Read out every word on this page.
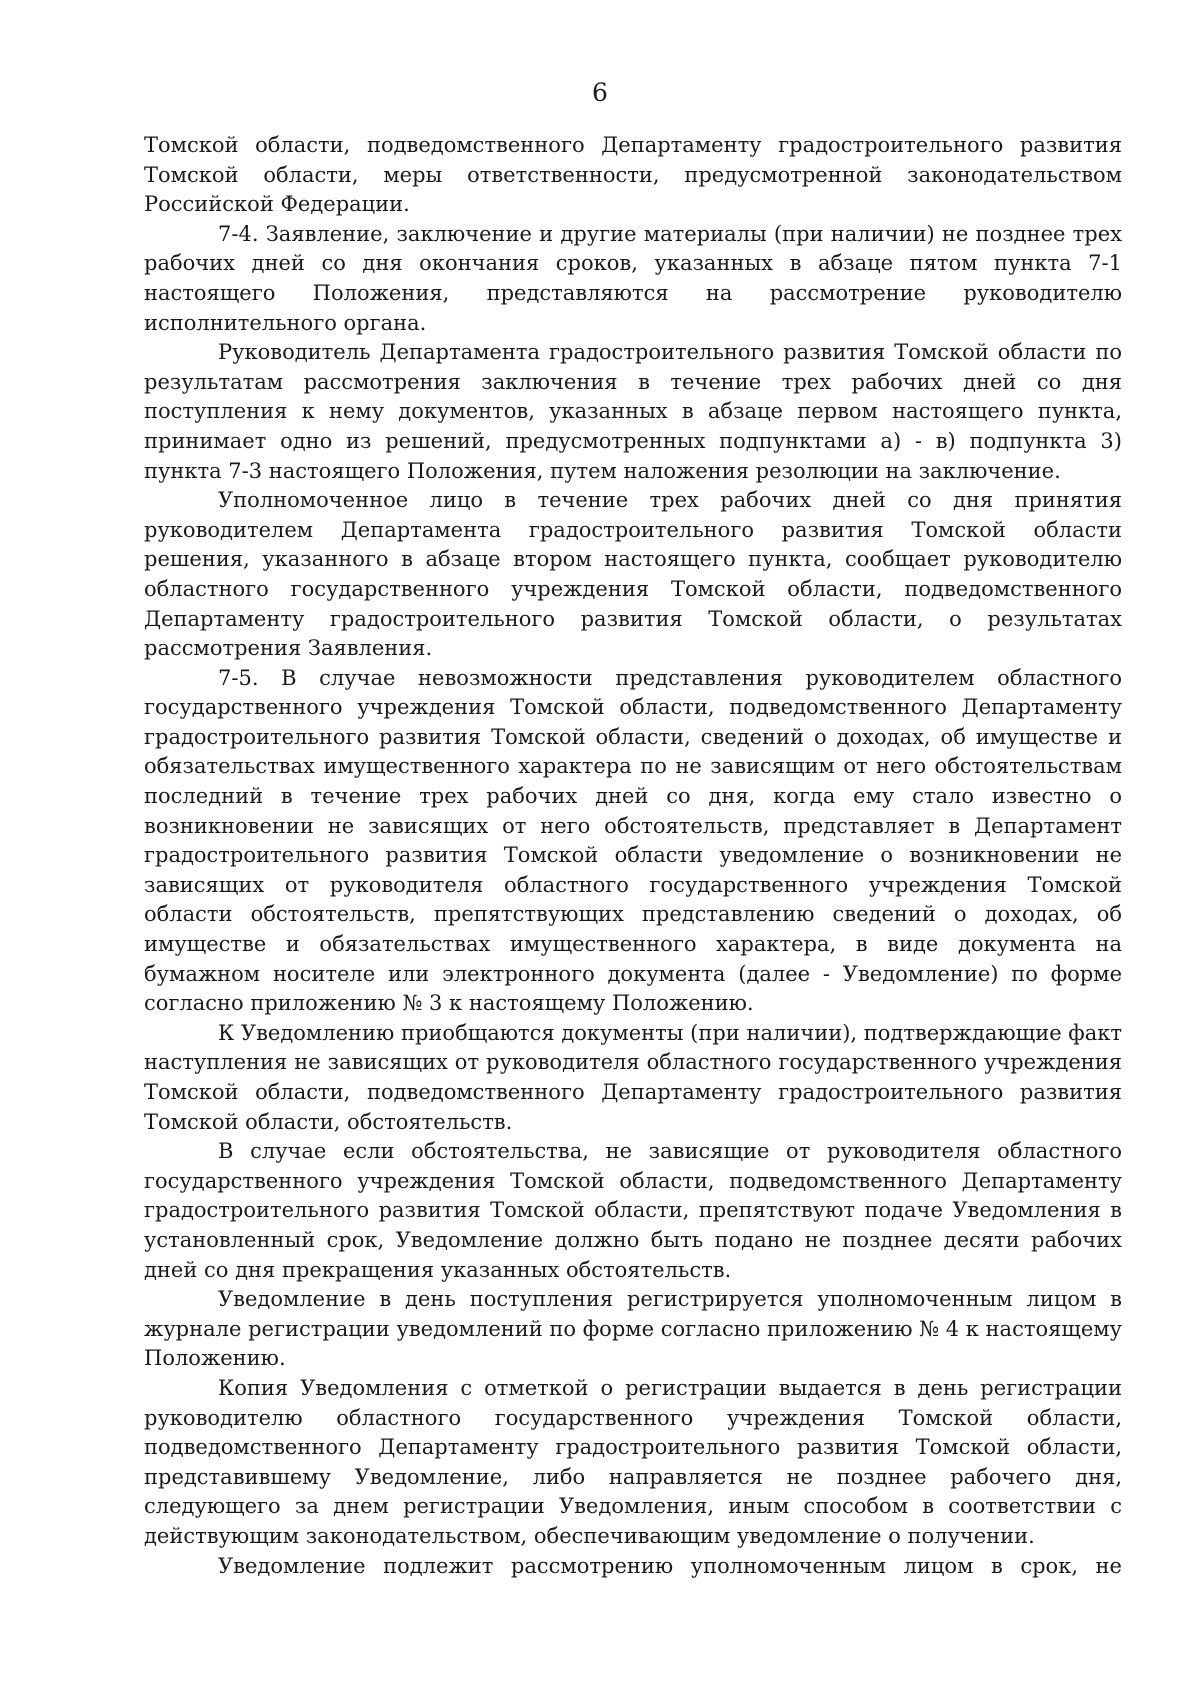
6

Томской области, подведомственного Департаменту градостроительного развития Томской области, меры ответственности, предусмотренной законодательством Российской Федерации.

7-4. Заявление, заключение и другие материалы (при наличии) не позднее трех рабочих дней со дня окончания сроков, указанных в абзаце пятом пункта 7-1 настоящего Положения, представляются на рассмотрение руководителю исполнительного органа.

Руководитель Департамента градостроительного развития Томской области по результатам рассмотрения заключения в течение трех рабочих дней со дня поступления к нему документов, указанных в абзаце первом настоящего пункта, принимает одно из решений, предусмотренных подпунктами а) - в) подпункта 3) пункта 7-3 настоящего Положения, путем наложения резолюции на заключение.

Уполномоченное лицо в течение трех рабочих дней со дня принятия руководителем Департамента градостроительного развития Томской области решения, указанного в абзаце втором настоящего пункта, сообщает руководителю областного государственного учреждения Томской области, подведомственного Департаменту градостроительного развития Томской области, о результатах рассмотрения Заявления.

7-5. В случае невозможности представления руководителем областного государственного учреждения Томской области, подведомственного Департаменту градостроительного развития Томской области, сведений о доходах, об имуществе и обязательствах имущественного характера по не зависящим от него обстоятельствам последний в течение трех рабочих дней со дня, когда ему стало известно о возникновении не зависящих от него обстоятельств, представляет в Департамент градостроительного развития Томской области уведомление о возникновении не зависящих от руководителя областного государственного учреждения Томской области обстоятельств, препятствующих представлению сведений о доходах, об имуществе и обязательствах имущественного характера, в виде документа на бумажном носителе или электронного документа (далее - Уведомление) по форме согласно приложению № 3 к настоящему Положению.

К Уведомлению приобщаются документы (при наличии), подтверждающие факт наступления не зависящих от руководителя областного государственного учреждения Томской области, подведомственного Департаменту градостроительного развития Томской области, обстоятельств.

В случае если обстоятельства, не зависящие от руководителя областного государственного учреждения Томской области, подведомственного Департаменту градостроительного развития Томской области, препятствуют подаче Уведомления в установленный срок, Уведомление должно быть подано не позднее десяти рабочих дней со дня прекращения указанных обстоятельств.

Уведомление в день поступления регистрируется уполномоченным лицом в журнале регистрации уведомлений по форме согласно приложению № 4 к настоящему Положению.

Копия Уведомления с отметкой о регистрации выдается в день регистрации руководителю областного государственного учреждения Томской области, подведомственного Департаменту градостроительного развития Томской области, представившему Уведомление, либо направляется не позднее рабочего дня, следующего за днем регистрации Уведомления, иным способом в соответствии с действующим законодательством, обеспечивающим уведомление о получении.

Уведомление подлежит рассмотрению уполномоченным лицом в срок, не
